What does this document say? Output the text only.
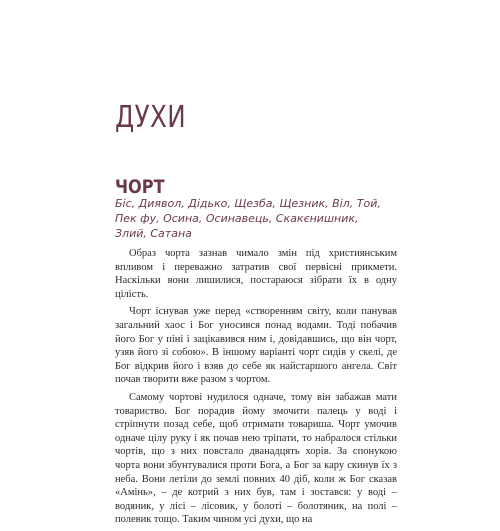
ДУХИ
ЧОРТ

Біс, Диявол, Дідько, Щезба, Щезник, Віл, Той, Пек фу, Осина, Осинавець, Скакєнишник, Злий, Сатана

Образ чорта зазнав чимало змін під християнським впливом і переважно затратив свої первісні прикмети. Наскільки вони лишилися, постараюся зібрати їх в одну цілість.

Чорт існував уже перед «створенням світу, коли панував загальний хаос і Бог уносився понад водами. Тоді побачив його Бог у піні і зацікавився ним і, довідавшись, що він чорт, узяв його зі собою». В іншому варіанті чорт сидів у скелі, де Бог відкрив його і взяв до себе як найстаршого ангела. Світ почав творити вже разом з чортом.

Самому чортові нудилося одначе, тому він забажав мати товариство. Бог порадив йому змочити палець у воді і стріпнути позад себе, щоб отримати товариша. Чорт умочив одначе цілу руку і як почав нею тріпати, то набралося стільки чортів, що з них повстало дванадцять хорів. За спонукою чорта вони збунтувалися проти Бога, а Бог за кару скинув їх з неба. Вони летіли до землі повних 40 діб, коли ж Бог сказав «Амінь», – де котрий з них був, там і зостався: у воді – водяник, у лісі – лісовик, у болоті – болотяник, на полі – полевик тощо. Таким чином усі духи, що на
